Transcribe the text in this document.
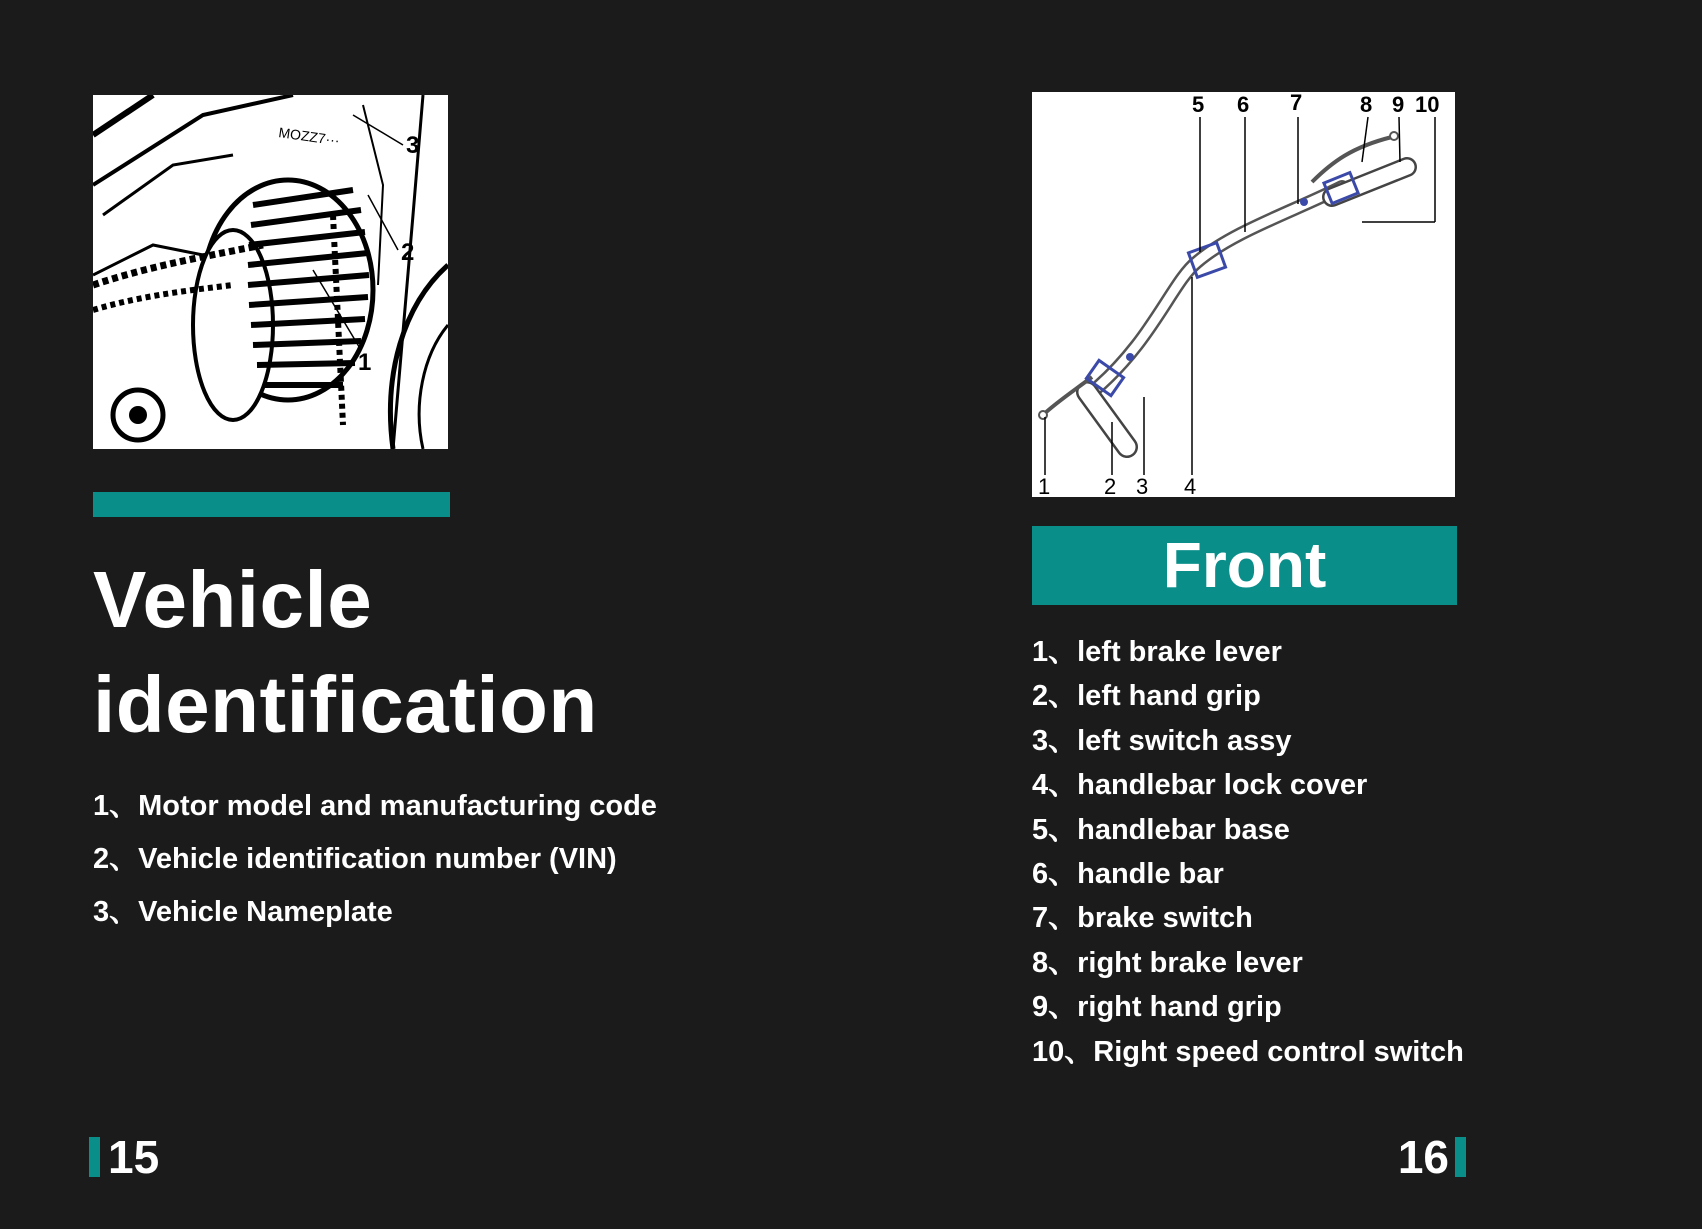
MOZZ7···	3
2
1
Vehicle
identification
1、Motor model and manufacturing code
2、Vehicle identification number (VIN)
3、Vehicle Nameplate
15
5 6 7	8 9 10
1 2 3 4
Front
1、left brake lever
2、left hand grip
3、left switch assy
4、handlebar lock cover
5、handlebar base
6、handle bar
7、brake switch
8、right brake lever
9、right hand grip
10、Right speed control switch
16
